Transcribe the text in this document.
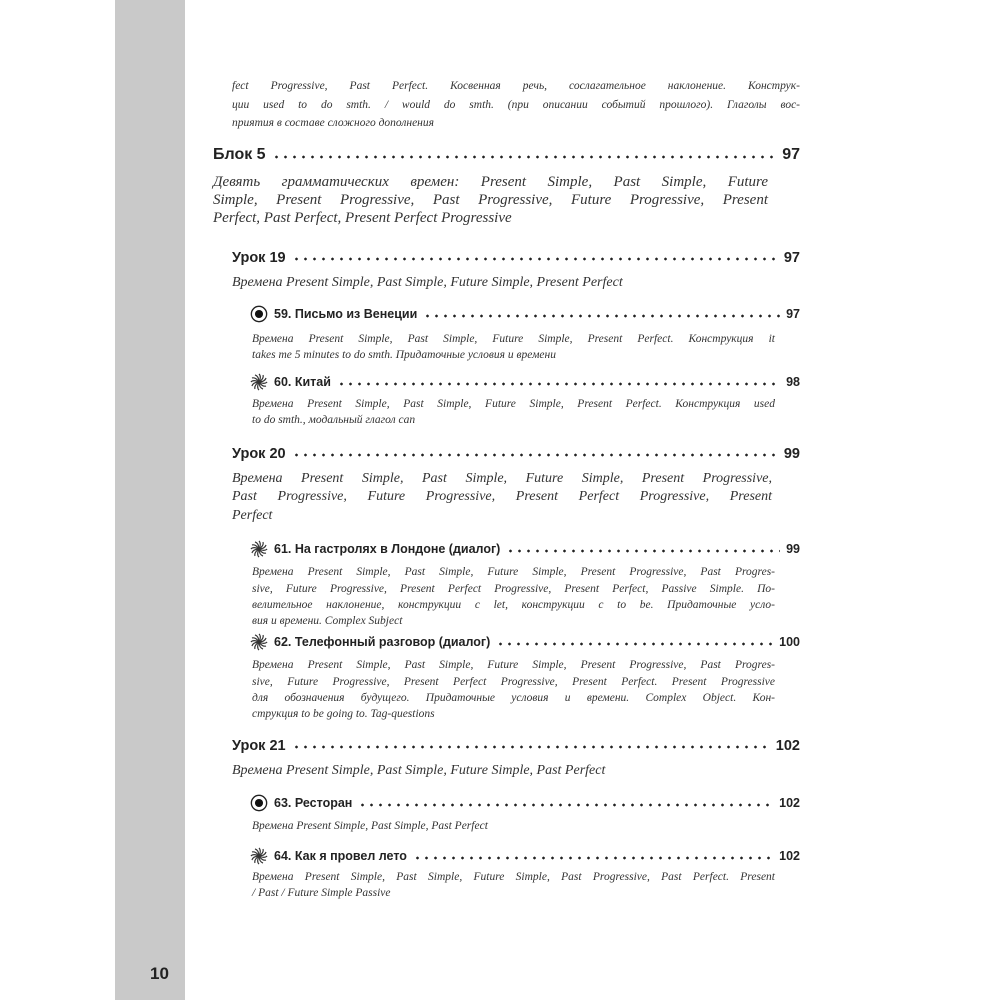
10
fect Progressive, Past Perfect. Косвенная речь, сослагательное наклонение. Конструк-
ции used to do smth. / would do smth. (при описании событий прошлого). Глаголы вос-
приятия в составе сложного дополнения
Блок 5	97
Девять грамматических времен: Present Simple, Past Simple, Future
Simple, Present Progressive, Past Progressive, Future Progressive, Present
Perfect, Past Perfect, Present Perfect Progressive
Урок 19	97
Времена Present Simple, Past Simple, Future Simple, Present Perfect
59. Письмо из Венеции	97
Времена Present Simple, Past Simple, Future Simple, Present Perfect. Конструкция it
takes me 5 minutes to do smth. Придаточные условия и времени
60. Китай	98
Времена Present Simple, Past Simple, Future Simple, Present Perfect. Конструкция used
to do smth., модальный глагол can
Урок 20	99
Времена Present Simple, Past Simple, Future Simple, Present Progressive,
Past Progressive, Future Progressive, Present Perfect Progressive, Present
Perfect
61. На гастролях в Лондоне (диалог)	99
Времена Present Simple, Past Simple, Future Simple, Present Progressive, Past Progres-
sive, Future Progressive, Present Perfect Progressive, Present Perfect, Passive Simple. По-
велительное наклонение, конструкции с let, конструкции с to be. Придаточные усло-
вия и времени. Complex Subject
62. Телефонный разговор (диалог)	100
Времена Present Simple, Past Simple, Future Simple, Present Progressive, Past Progres-
sive, Future Progressive, Present Perfect Progressive, Present Perfect. Present Progressive
для обозначения будущего. Придаточные условия и времени. Complex Object. Кон-
струкция to be going to. Tag-questions
Урок 21	102
Времена Present Simple, Past Simple, Future Simple, Past Perfect
63. Ресторан	102
Времена Present Simple, Past Simple, Past Perfect
64. Как я провел лето	102
Времена Present Simple, Past Simple, Future Simple, Past Progressive, Past Perfect. Present
/ Past / Future Simple Passive
